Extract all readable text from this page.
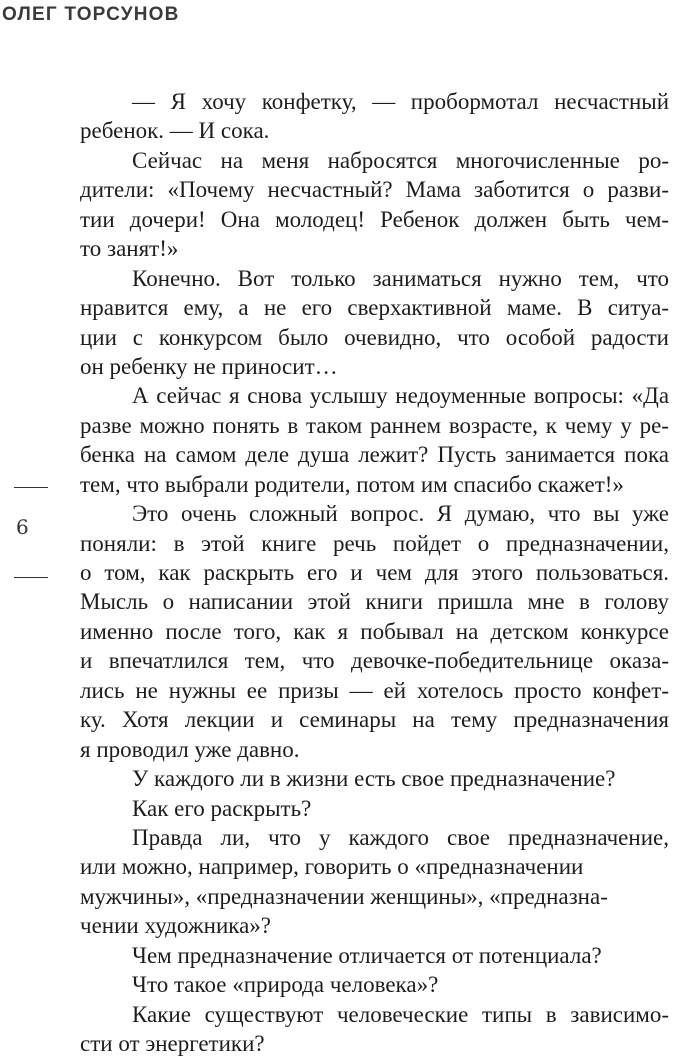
ОЛЕГ ТОРСУНОВ
6
— Я хочу конфетку, — пробормотал несчастный
ребенок. — И сока.
Сейчас на меня набросятся многочисленные ро-
дители: «Почему несчастный? Мама заботится о разви-
тии дочери! Она молодец! Ребенок должен быть чем-
то занят!»
Конечно. Вот только заниматься нужно тем, что
нравится ему, а не его сверхактивной маме. В ситуа-
ции с конкурсом было очевидно, что особой радости
он ребенку не приносит…
А сейчас я снова услышу недоуменные вопросы: «Да
разве можно понять в таком раннем возрасте, к чему у ре-
бенка на самом деле душа лежит? Пусть занимается пока
тем, что выбрали родители, потом им спасибо скажет!»
Это очень сложный вопрос. Я думаю, что вы уже
поняли: в этой книге речь пойдет о предназначении,
о том, как раскрыть его и чем для этого пользоваться.
Мысль о написании этой книги пришла мне в голову
именно после того, как я побывал на детском конкурсе
и впечатлился тем, что девочке-победительнице оказа-
лись не нужны ее призы — ей хотелось просто конфет-
ку. Хотя лекции и семинары на тему предназначения
я проводил уже давно.
У каждого ли в жизни есть свое предназначение?
Как его раскрыть?
Правда ли, что у каждого свое предназначение,
или можно, например, говорить о «предназначении
мужчины», «предназначении женщины», «предназна-
чении художника»?
Чем предназначение отличается от потенциала?
Что такое «природа человека»?
Какие существуют человеческие типы в зависимо-
сти от энергетики?
